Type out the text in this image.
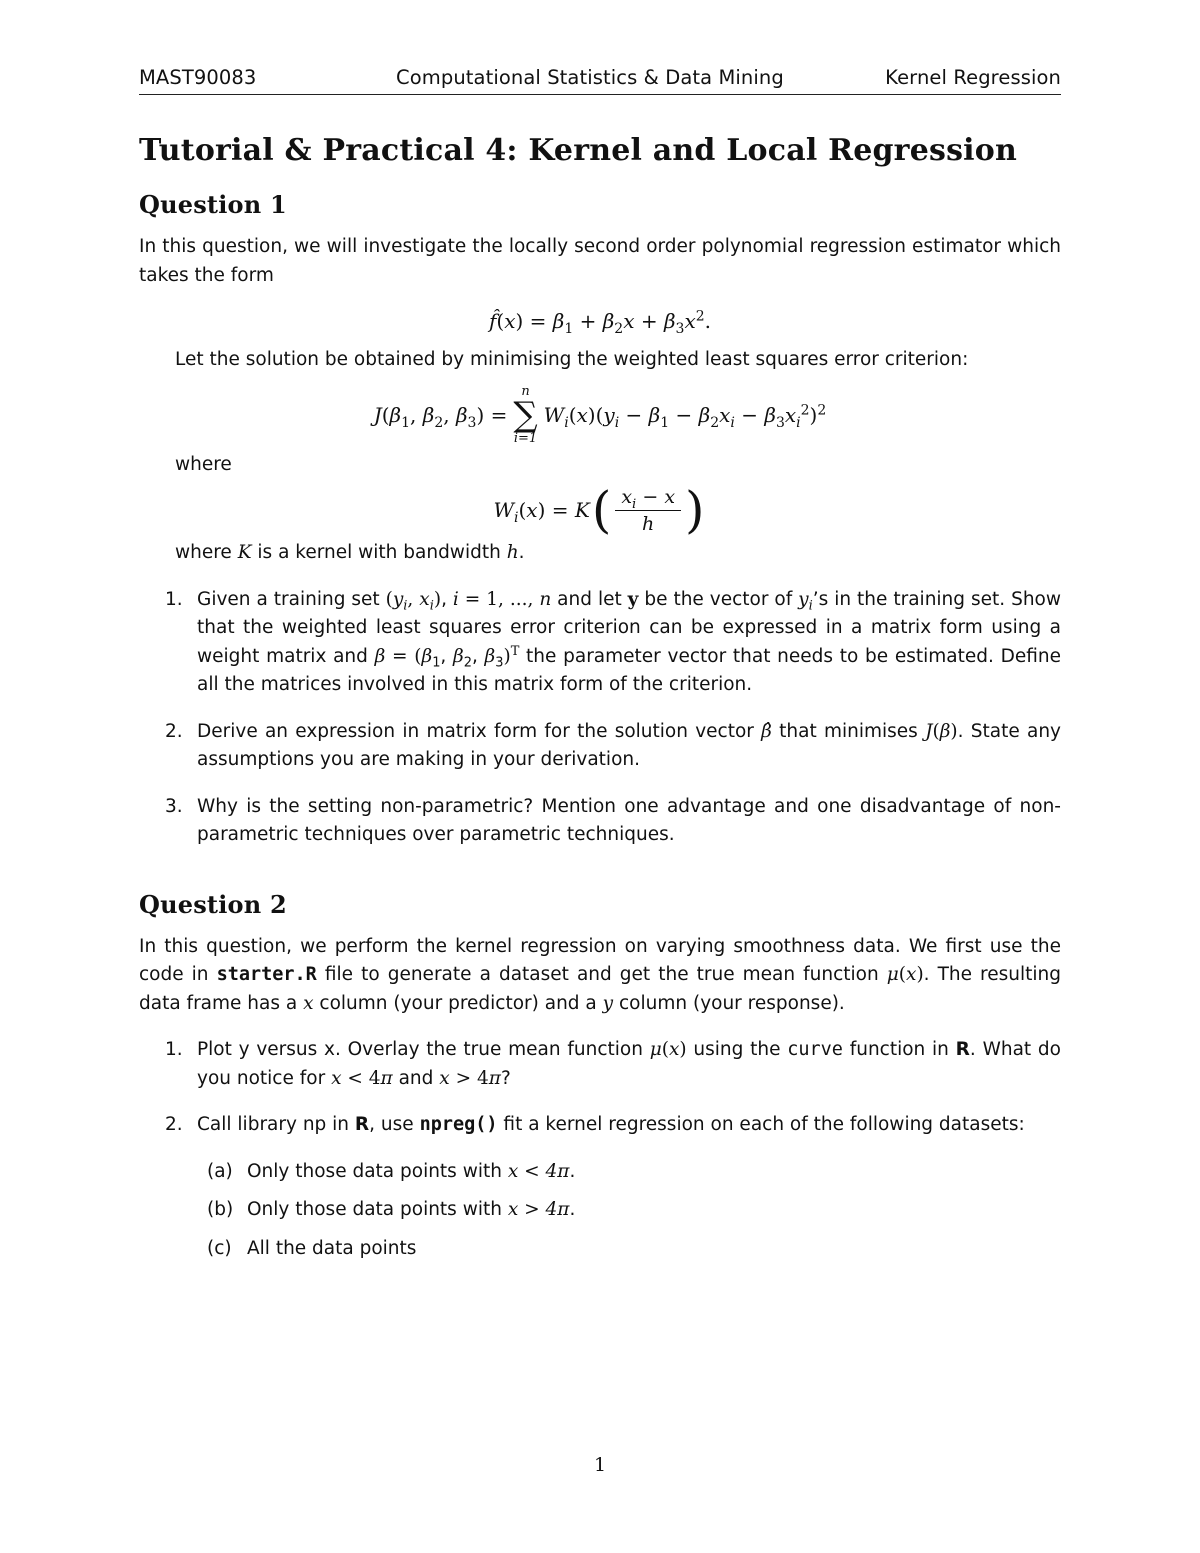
MAST90083	Computational Statistics & Data Mining	Kernel Regression
Tutorial & Practical 4: Kernel and Local Regression
Question 1

In this question, we will investigate the locally second order polynomial regression estimator which takes the form

f̂(x) = $\beta_1 + \beta_2x + \beta_3x^2$.

Let the solution be obtained by minimising the weighted least squares error criterion:

$J(\beta_1$, $\beta_2$, $\beta_3$) =
n
∑
i=1
$W_i(x)(y_i - \beta_1 - \beta_2x_i - \beta_3x_i^2)^2$

where

$W_i(x) = K$ ( $\frac{x_i - x}{h}$ )

where K is a kernel with bandwidth h.

1. Given a training set ($y_i$, $x_i$), i = 1, ..., n and let y be the vector of $y_i’s$ in the training set. Show that the weighted least squares error criterion can be expressed in a matrix form using a weight matrix and $\beta = (\beta_1$, $\beta_2$, $\beta_3)^T$ the parameter vector that needs to be estimated. Define all the matrices involved in this matrix form of the criterion.
2. Derive an expression in matrix form for the solution vector β̂ that minimises J(β). State any assumptions you are making in your derivation.
3. Why is the setting non-parametric? Mention one advantage and one disadvantage of non-parametric techniques over parametric techniques.
Question 2

In this question, we perform the kernel regression on varying smoothness data. We first use the code in starter.R file to generate a dataset and get the true mean function μ(x). The resulting data frame has a x column (your predictor) and a y column (your response).

1. Plot y versus x. Overlay the true mean function μ(x) using the curve function in R. What do you notice for x < 4π and x > 4π?
2. Call library np in R, use npreg() fit a kernel regression on each of the following datasets:
(a) Only those data points with x < 4π.
(b) Only those data points with x > 4π.
(c) All the data points
1
